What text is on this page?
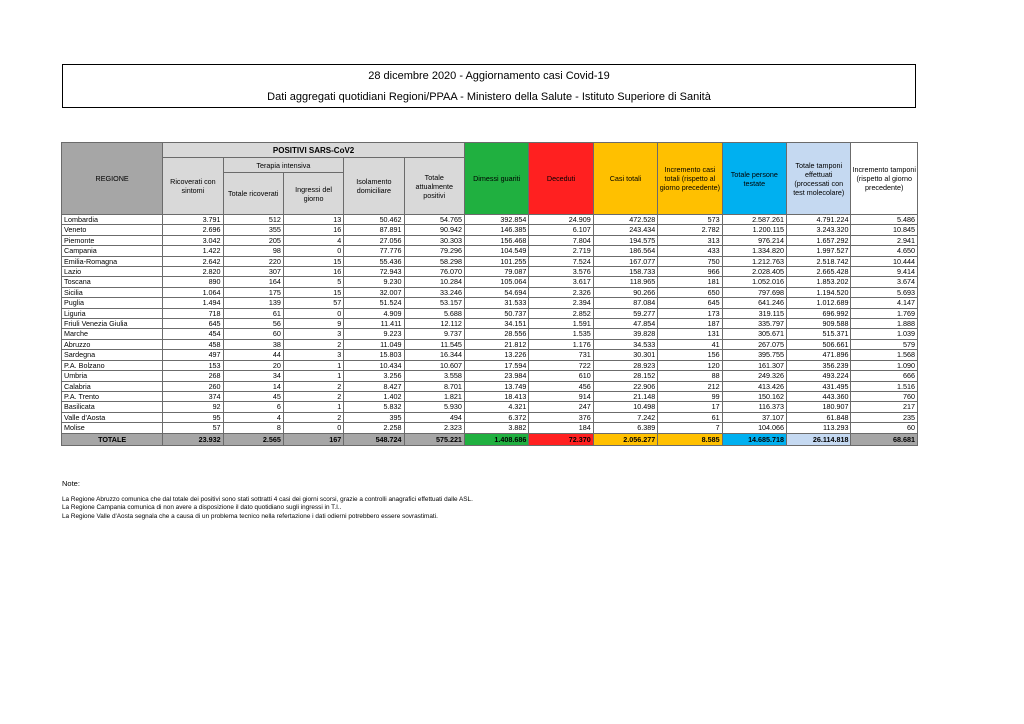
28 dicembre 2020 - Aggiornamento casi Covid-19
Dati aggregati quotidiani Regioni/PPAA - Ministero della Salute - Istituto Superiore di Sanità
REGIONE	POSITIVI SARS-CoV2					Dimessi guariti	Deceduti	Casi totali	Incremento casi totali (rispetto al giorno precedente)	Totale persone testate	Totale tamponi effettuati (processati con test molecolare)	Incremento tamponi (rispetto al giorno precedente)
	Ricoverati con sintomi	Terapia intensiva		Isolamento domiciliare	Totale attualmente positivi							
		Totale ricoverati	Ingressi del giorno									
Lombardia	3.791	512	13	50.462	54.765	392.854	24.909	472.528	573	2.587.261	4.791.224	5.486
Veneto	2.696	355	16	87.891	90.942	146.385	6.107	243.434	2.782	1.200.115	3.243.320	10.845
Piemonte	3.042	205	4	27.056	30.303	156.468	7.804	194.575	313	976.214	1.657.292	2.941
Campania	1.422	98	0	77.776	79.296	104.549	2.719	186.564	433	1.334.820	1.997.527	4.650
Emilia-Romagna	2.642	220	15	55.436	58.298	101.255	7.524	167.077	750	1.212.763	2.518.742	10.444
Lazio	2.820	307	16	72.943	76.070	79.087	3.576	158.733	966	2.028.405	2.665.428	9.414
Toscana	890	164	5	9.230	10.284	105.064	3.617	118.965	181	1.052.016	1.853.202	3.674
Sicilia	1.064	175	15	32.007	33.246	54.694	2.326	90.266	650	797.698	1.194.520	5.693
Puglia	1.494	139	57	51.524	53.157	31.533	2.394	87.084	645	641.246	1.012.689	4.147
Liguria	718	61	0	4.909	5.688	50.737	2.852	59.277	173	319.115	696.992	1.769
Friuli Venezia Giulia	645	56	9	11.411	12.112	34.151	1.591	47.854	187	335.797	909.588	1.888
Marche	454	60	3	9.223	9.737	28.556	1.535	39.828	131	305.671	515.371	1.039
Abruzzo	458	38	2	11.049	11.545	21.812	1.176	34.533	41	267.075	506.661	579
Sardegna	497	44	3	15.803	16.344	13.226	731	30.301	156	395.755	471.896	1.568
P.A. Bolzano	153	20	1	10.434	10.607	17.594	722	28.923	120	161.307	356.239	1.090
Umbria	268	34	1	3.256	3.558	23.984	610	28.152	88	249.326	493.224	666
Calabria	260	14	2	8.427	8.701	13.749	456	22.906	212	413.426	431.495	1.516
P.A. Trento	374	45	2	1.402	1.821	18.413	914	21.148	99	150.162	443.360	760
Basilicata	92	6	1	5.832	5.930	4.321	247	10.498	17	116.373	180.907	217
Valle d'Aosta	95	4	2	395	494	6.372	376	7.242	61	37.107	61.848	235
Molise	57	8	0	2.258	2.323	3.882	184	6.389	7	104.066	113.293	60
TOTALE	23.932	2.565	167	548.724	575.221	1.408.686	72.370	2.056.277	8.585	14.685.718	26.114.818	68.681
Note:
La Regione Abruzzo comunica che dal totale dei positivi sono stati sottratti 4 casi dei giorni scorsi, grazie a controlli anagrafici effettuati dalle ASL.
La Regione Campania comunica di non avere a disposizione il dato quotidiano sugli ingressi in T.I..
La Regione Valle d'Aosta segnala che a causa di un problema tecnico nella refertazione i dati odierni potrebbero essere sovrastimati.
